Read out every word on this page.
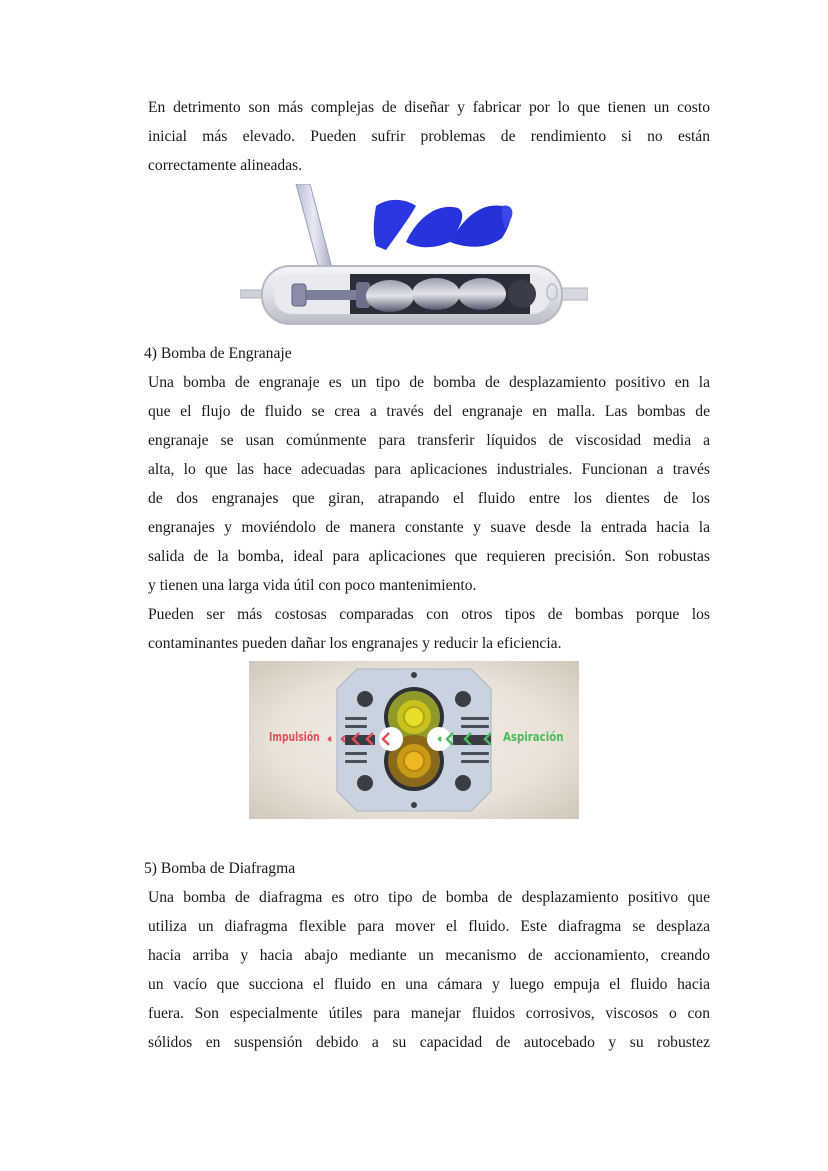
En detrimento son más complejas de diseñar y fabricar por lo que tienen un costo
inicial más elevado. Pueden sufrir problemas de rendimiento si no están
correctamente alineadas.
4) Bomba de Engranaje
Una bomba de engranaje es un tipo de bomba de desplazamiento positivo en la
que el flujo de fluido se crea a través del engranaje en malla. Las bombas de
engranaje se usan comúnmente para transferir líquidos de viscosidad media a
alta, lo que las hace adecuadas para aplicaciones industriales. Funcionan a través
de dos engranajes que giran, atrapando el fluido entre los dientes de los
engranajes y moviéndolo de manera constante y suave desde la entrada hacia la
salida de la bomba, ideal para aplicaciones que requieren precisión. Son robustas
y tienen una larga vida útil con poco mantenimiento.
Pueden ser más costosas comparadas con otros tipos de bombas porque los
contaminantes pueden dañar los engranajes y reducir la eficiencia.
Impulsión	Aspiración
5) Bomba de Diafragma
Una bomba de diafragma es otro tipo de bomba de desplazamiento positivo que
utiliza un diafragma flexible para mover el fluido. Este diafragma se desplaza
hacia arriba y hacia abajo mediante un mecanismo de accionamiento, creando
un vacío que succiona el fluido en una cámara y luego empuja el fluido hacia
fuera. Son especialmente útiles para manejar fluidos corrosivos, viscosos o con
sólidos en suspensión debido a su capacidad de autocebado y su robustez
